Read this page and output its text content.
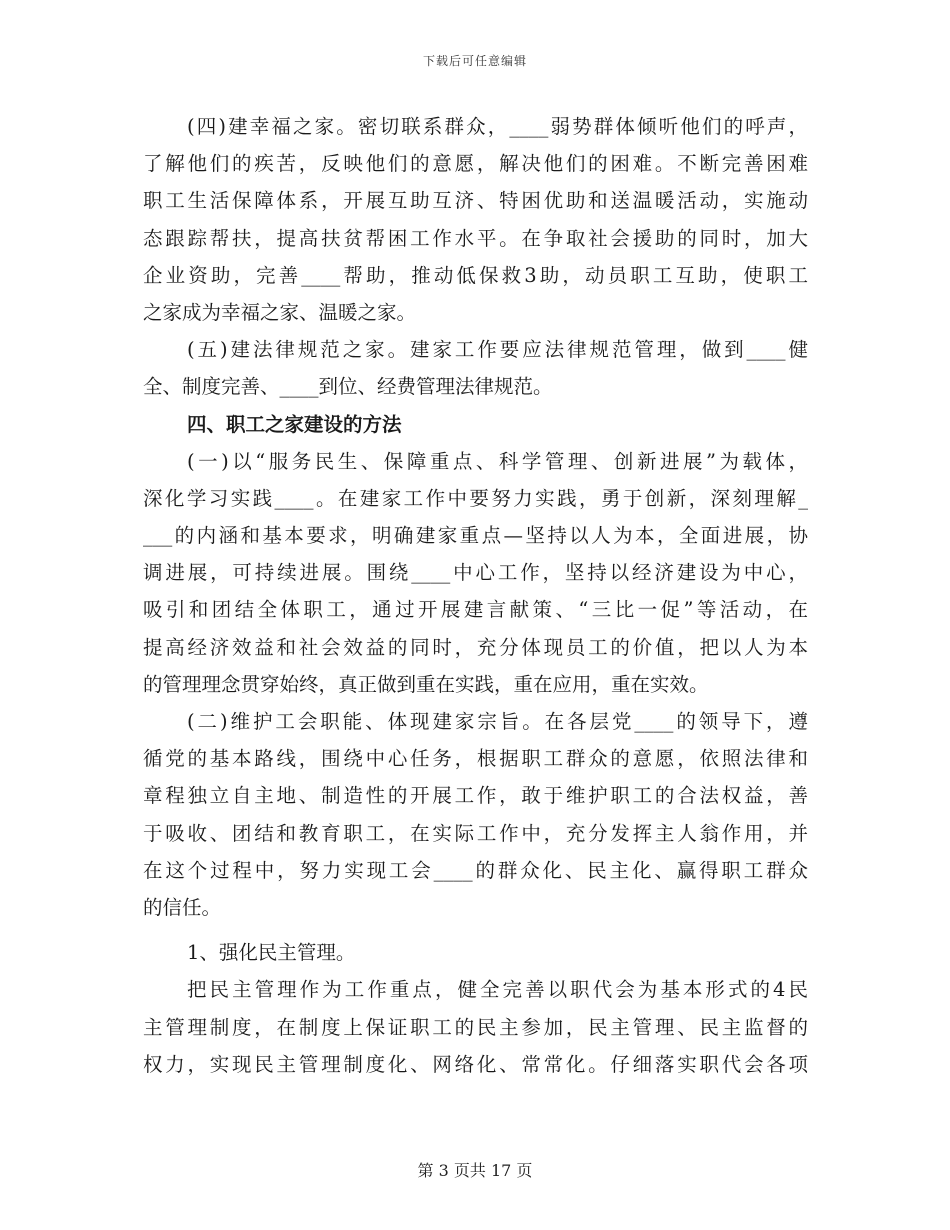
下载后可任意编辑
(四)建幸福之家。密切联系群众，____弱势群体倾听他们的呼声，
了解他们的疾苦，反映他们的意愿，解决他们的困难。不断完善困难
职工生活保障体系，开展互助互济、特困优助和送温暖活动，实施动
态跟踪帮扶，提高扶贫帮困工作水平。在争取社会援助的同时，加大
企业资助，完善____帮助，推动低保救3助，动员职工互助，使职工
之家成为幸福之家、温暖之家。
(五)建法律规范之家。建家工作要应法律规范管理，做到____健
全、制度完善、____到位、经费管理法律规范。
四、职工之家建设的方法
(一)以“服务民生、保障重点、科学管理、创新进展”为载体，
深化学习实践____。在建家工作中要努力实践，勇于创新，深刻理解_
___的内涵和基本要求，明确建家重点—坚持以人为本，全面进展，协
调进展，可持续进展。围绕____中心工作，坚持以经济建设为中心，
吸引和团结全体职工，通过开展建言献策、“三比一促”等活动，在
提高经济效益和社会效益的同时，充分体现员工的价值，把以人为本
的管理理念贯穿始终，真正做到重在实践，重在应用，重在实效。
(二)维护工会职能、体现建家宗旨。在各层党____的领导下，遵
循党的基本路线，围绕中心任务，根据职工群众的意愿，依照法律和
章程独立自主地、制造性的开展工作，敢于维护职工的合法权益，善
于吸收、团结和教育职工，在实际工作中，充分发挥主人翁作用，并
在这个过程中，努力实现工会____的群众化、民主化、赢得职工群众
的信任。
1、强化民主管理。
把民主管理作为工作重点，健全完善以职代会为基本形式的4民
主管理制度，在制度上保证职工的民主参加，民主管理、民主监督的
权力，实现民主管理制度化、网络化、常常化。仔细落实职代会各项
第 3 页共 17 页
